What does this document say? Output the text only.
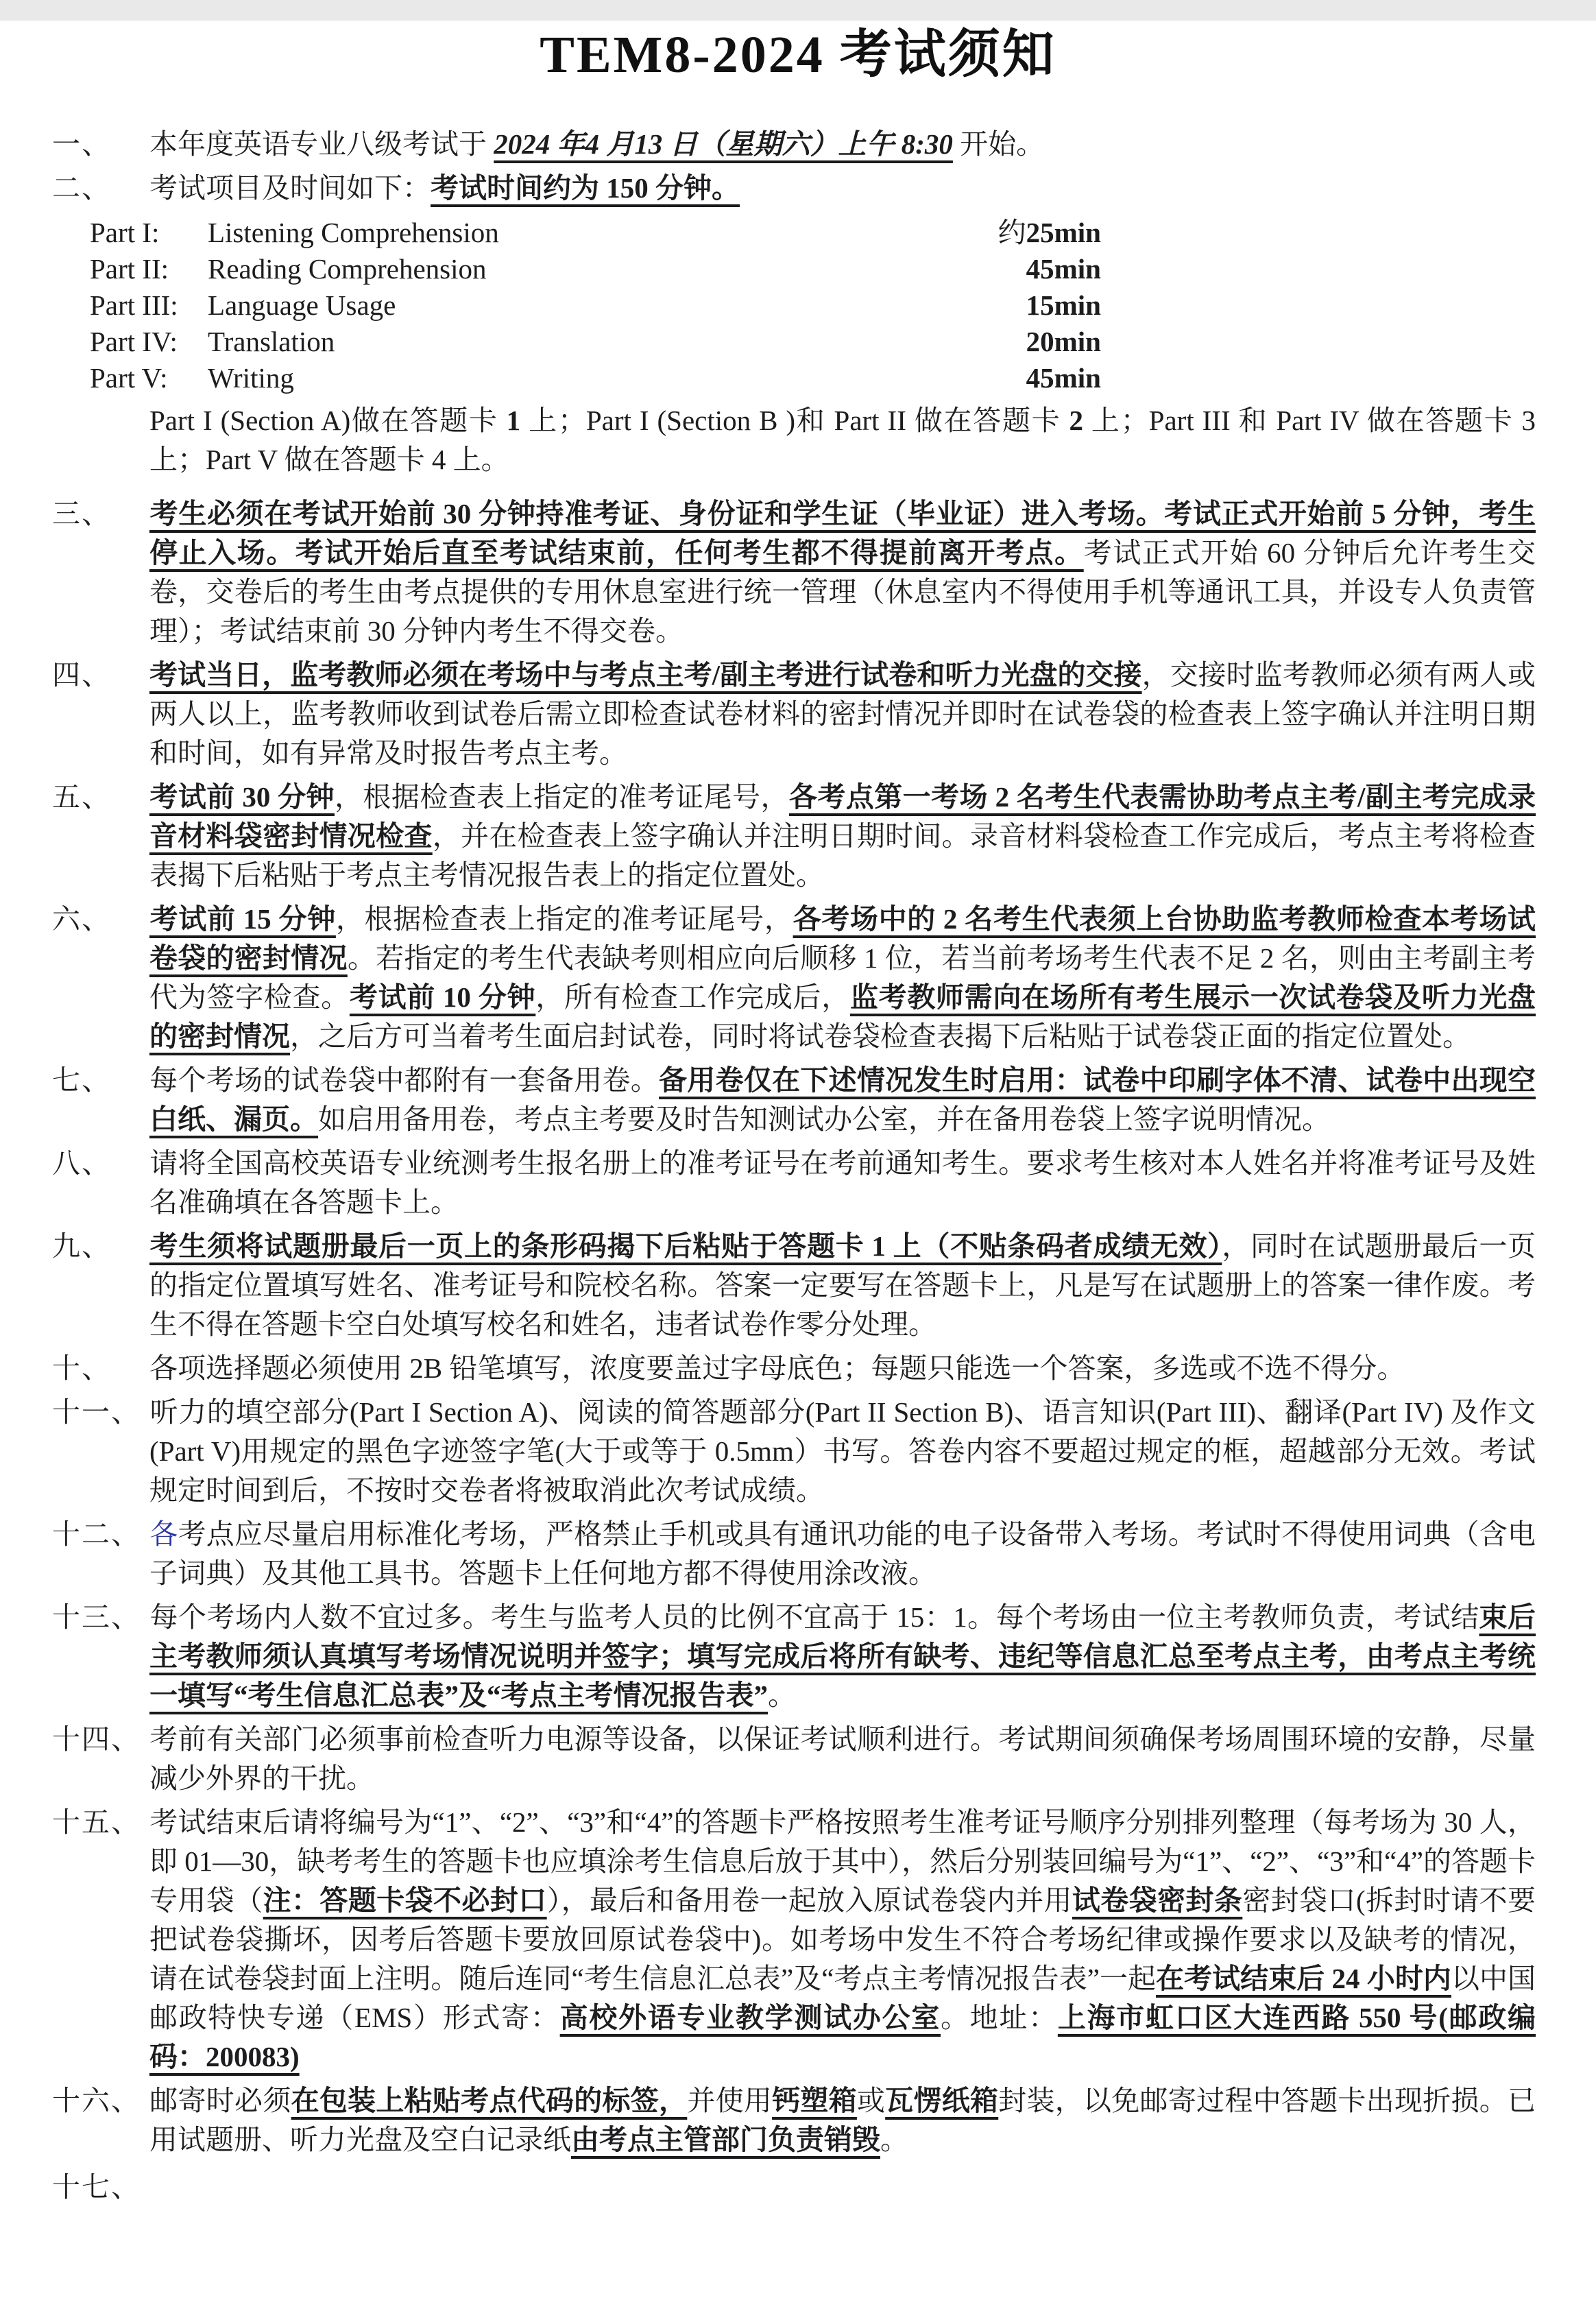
TEM8-2024 考试须知
一、 本年度英语专业八级考试于 2024 年4 月13 日（星期六）上午 8:30 开始。
二、 考试项目及时间如下：考试时间约为 150 分钟。
Part I: Listening Comprehension	约25min
Part II: Reading Comprehension	45min
Part III: Language Usage	15min
Part IV: Translation	20min
Part V: Writing	45min
Part I (Section A)做在答题卡 1 上；Part I (Section B )和 Part II 做在答题卡 2 上；Part III 和 Part IV 做在答题卡 3 上；Part V 做在答题卡 4 上。
三、 考生必须在考试开始前 30 分钟持准考证、身份证和学生证（毕业证）进入考场。考试正式开始前 5 分钟，考生停止入场。考试开始后直至考试结束前，任何考生都不得提前离开考点。考试正式开始 60 分钟后允许考生交卷，交卷后的考生由考点提供的专用休息室进行统一管理（休息室内不得使用手机等通讯工具，并设专人负责管理）；考试结束前 30 分钟内考生不得交卷。
四、 考试当日，监考教师必须在考场中与考点主考/副主考进行试卷和听力光盘的交接，交接时监考教师必须有两人或两人以上，监考教师收到试卷后需立即检查试卷材料的密封情况并即时在试卷袋的检查表上签字确认并注明日期和时间，如有异常及时报告考点主考。
五、 考试前 30 分钟，根据检查表上指定的准考证尾号，各考点第一考场 2 名考生代表需协助考点主考/副主考完成录音材料袋密封情况检查，并在检查表上签字确认并注明日期时间。录音材料袋检查工作完成后，考点主考将检查表揭下后粘贴于考点主考情况报告表上的指定位置处。
六、 考试前 15 分钟，根据检查表上指定的准考证尾号，各考场中的 2 名考生代表须上台协助监考教师检查本考场试卷袋的密封情况。若指定的考生代表缺考则相应向后顺移 1 位，若当前考场考生代表不足 2 名，则由主考副主考代为签字检查。考试前 10 分钟，所有检查工作完成后，监考教师需向在场所有考生展示一次试卷袋及听力光盘的密封情况，之后方可当着考生面启封试卷，同时将试卷袋检查表揭下后粘贴于试卷袋正面的指定位置处。
七、 每个考场的试卷袋中都附有一套备用卷。备用卷仅在下述情况发生时启用：试卷中印刷字体不清、试卷中出现空白纸、漏页。如启用备用卷，考点主考要及时告知测试办公室，并在备用卷袋上签字说明情况。
八、 请将全国高校英语专业统测考生报名册上的准考证号在考前通知考生。要求考生核对本人姓名并将准考证号及姓名准确填在各答题卡上。
九、 考生须将试题册最后一页上的条形码揭下后粘贴于答题卡 1 上（不贴条码者成绩无效），同时在试题册最后一页的指定位置填写姓名、准考证号和院校名称。答案一定要写在答题卡上，凡是写在试题册上的答案一律作废。考生不得在答题卡空白处填写校名和姓名，违者试卷作零分处理。
十、 各项选择题必须使用 2B 铅笔填写，浓度要盖过字母底色；每题只能选一个答案，多选或不选不得分。
十一、 听力的填空部分(Part I Section A)、阅读的简答题部分(Part II Section B)、语言知识(Part III)、翻译(Part IV) 及作文(Part V)用规定的黑色字迹签字笔(大于或等于 0.5mm）书写。答卷内容不要超过规定的框，超越部分无效。考试规定时间到后，不按时交卷者将被取消此次考试成绩。
十二、 各考点应尽量启用标准化考场，严格禁止手机或具有通讯功能的电子设备带入考场。考试时不得使用词典（含电子词典）及其他工具书。答题卡上任何地方都不得使用涂改液。
十三、 每个考场内人数不宜过多。考生与监考人员的比例不宜高于 15：1。每个考场由一位主考教师负责，考试结束后主考教师须认真填写考场情况说明并签字；填写完成后将所有缺考、违纪等信息汇总至考点主考，由考点主考统一填写“考生信息汇总表”及“考点主考情况报告表”。
十四、 考前有关部门必须事前检查听力电源等设备，以保证考试顺利进行。考试期间须确保考场周围环境的安静，尽量减少外界的干扰。
十五、 考试结束后请将编号为“1”、“2”、“3”和“4”的答题卡严格按照考生准考证号顺序分别排列整理（每考场为 30 人，即 01—30，缺考考生的答题卡也应填涂考生信息后放于其中），然后分别装回编号为“1”、“2”、“3”和“4”的答题卡专用袋（注：答题卡袋不必封口），最后和备用卷一起放入原试卷袋内并用试卷袋密封条密封袋口(拆封时请不要把试卷袋撕坏，因考后答题卡要放回原试卷袋中)。如考场中发生不符合考场纪律或操作要求以及缺考的情况，请在试卷袋封面上注明。随后连同“考生信息汇总表”及“考点主考情况报告表”一起在考试结束后 24 小时内以中国邮政特快专递（EMS）形式寄：高校外语专业教学测试办公室。地址：上海市虹口区大连西路 550 号(邮政编码：200083)
十六、 邮寄时必须在包装上粘贴考点代码的标签，并使用钙塑箱或瓦愣纸箱封装，以免邮寄过程中答题卡出现折损。已用试题册、听力光盘及空白记录纸由考点主管部门负责销毁。
十七、
